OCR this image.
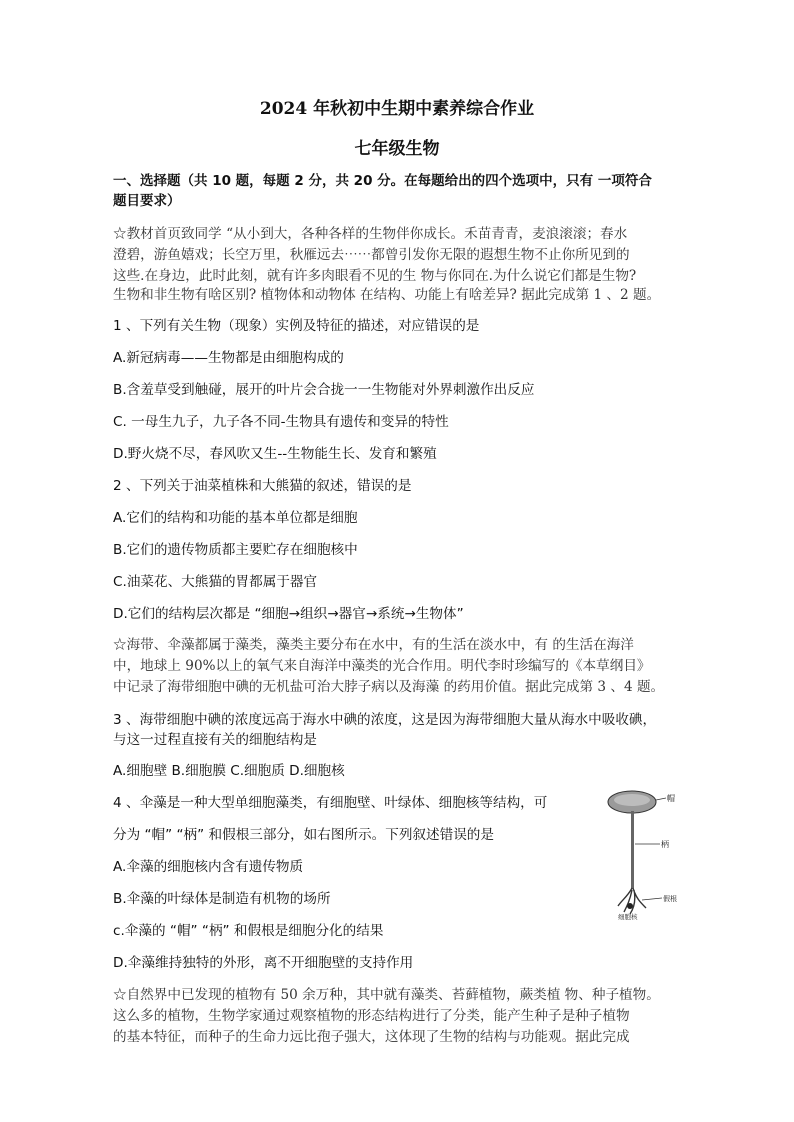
2024 年秋初中生期中素养综合作业
七年级生物
一、选择题（共 10 题，每题 2 分，共 20 分。在每题给出的四个选项中，只有 一项符合
题目要求）
☆教材首页致同学 “从小到大，各种各样的生物伴你成长。禾苗青青，麦浪滚滚；春水
澄碧，游鱼嬉戏；长空万里，秋雁远去⋯⋯都曾引发你无限的遐想生物不止你所见到的
这些.在身边，此时此刻，就有许多肉眼看不见的生 物与你同在.为什么说它们都是生物?
生物和非生物有啥区别? 植物体和动物体 在结构、功能上有啥差异? 据此完成第 1 、2 题。
1 、下列有关生物（现象）实例及特征的描述，对应错误的是
A.新冠病毒——生物都是由细胞构成的
B.含羞草受到触碰，展开的叶片会合拢一一生物能对外界刺激作出反应
C. 一母生九子，九子各不同-生物具有遗传和变异的特性
D.野火烧不尽，春风吹又生--生物能生长、发育和繁殖
2 、下列关于油菜植株和大熊猫的叙述，错误的是
A.它们的结构和功能的基本单位都是细胞
B.它们的遗传物质都主要贮存在细胞核中
C.油菜花、大熊猫的胃都属于器官
D.它们的结构层次都是 “细胞→组织→器官→系统→生物体”
☆海带、伞藻都属于藻类，藻类主要分布在水中，有的生活在淡水中，有 的生活在海洋
中，地球上 90%以上的氧气来自海洋中藻类的光合作用。明代李时珍编写的《本草纲目》
中记录了海带细胞中碘的无机盐可治大脖子病以及海藻 的药用价值。据此完成第 3 、4 题。
3 、海带细胞中碘的浓度远高于海水中碘的浓度，这是因为海带细胞大量从海水中吸收碘，
与这一过程直接有关的细胞结构是
A.细胞壁 B.细胞膜 C.细胞质 D.细胞核
4 、伞藻是一种大型单细胞藻类，有细胞壁、叶绿体、细胞核等结构，可
分为 “帽” “柄” 和假根三部分，如右图所示。下列叙述错误的是
A.伞藻的细胞核内含有遗传物质
B.伞藻的叶绿体是制造有机物的场所
c.伞藻的 “帽” “柄” 和假根是细胞分化的结果
D.伞藻维持独特的外形，离不开细胞壁的支持作用
帽
柄
假根
细胞核
☆自然界中已发现的植物有 50 余万种，其中就有藻类、苔藓植物，蕨类植 物、种子植物。
这么多的植物，生物学家通过观察植物的形态结构进行了分类，能产生种子是种子植物
的基本特征，而种子的生命力远比孢子强大，这体现了生物的结构与功能观。据此完成
